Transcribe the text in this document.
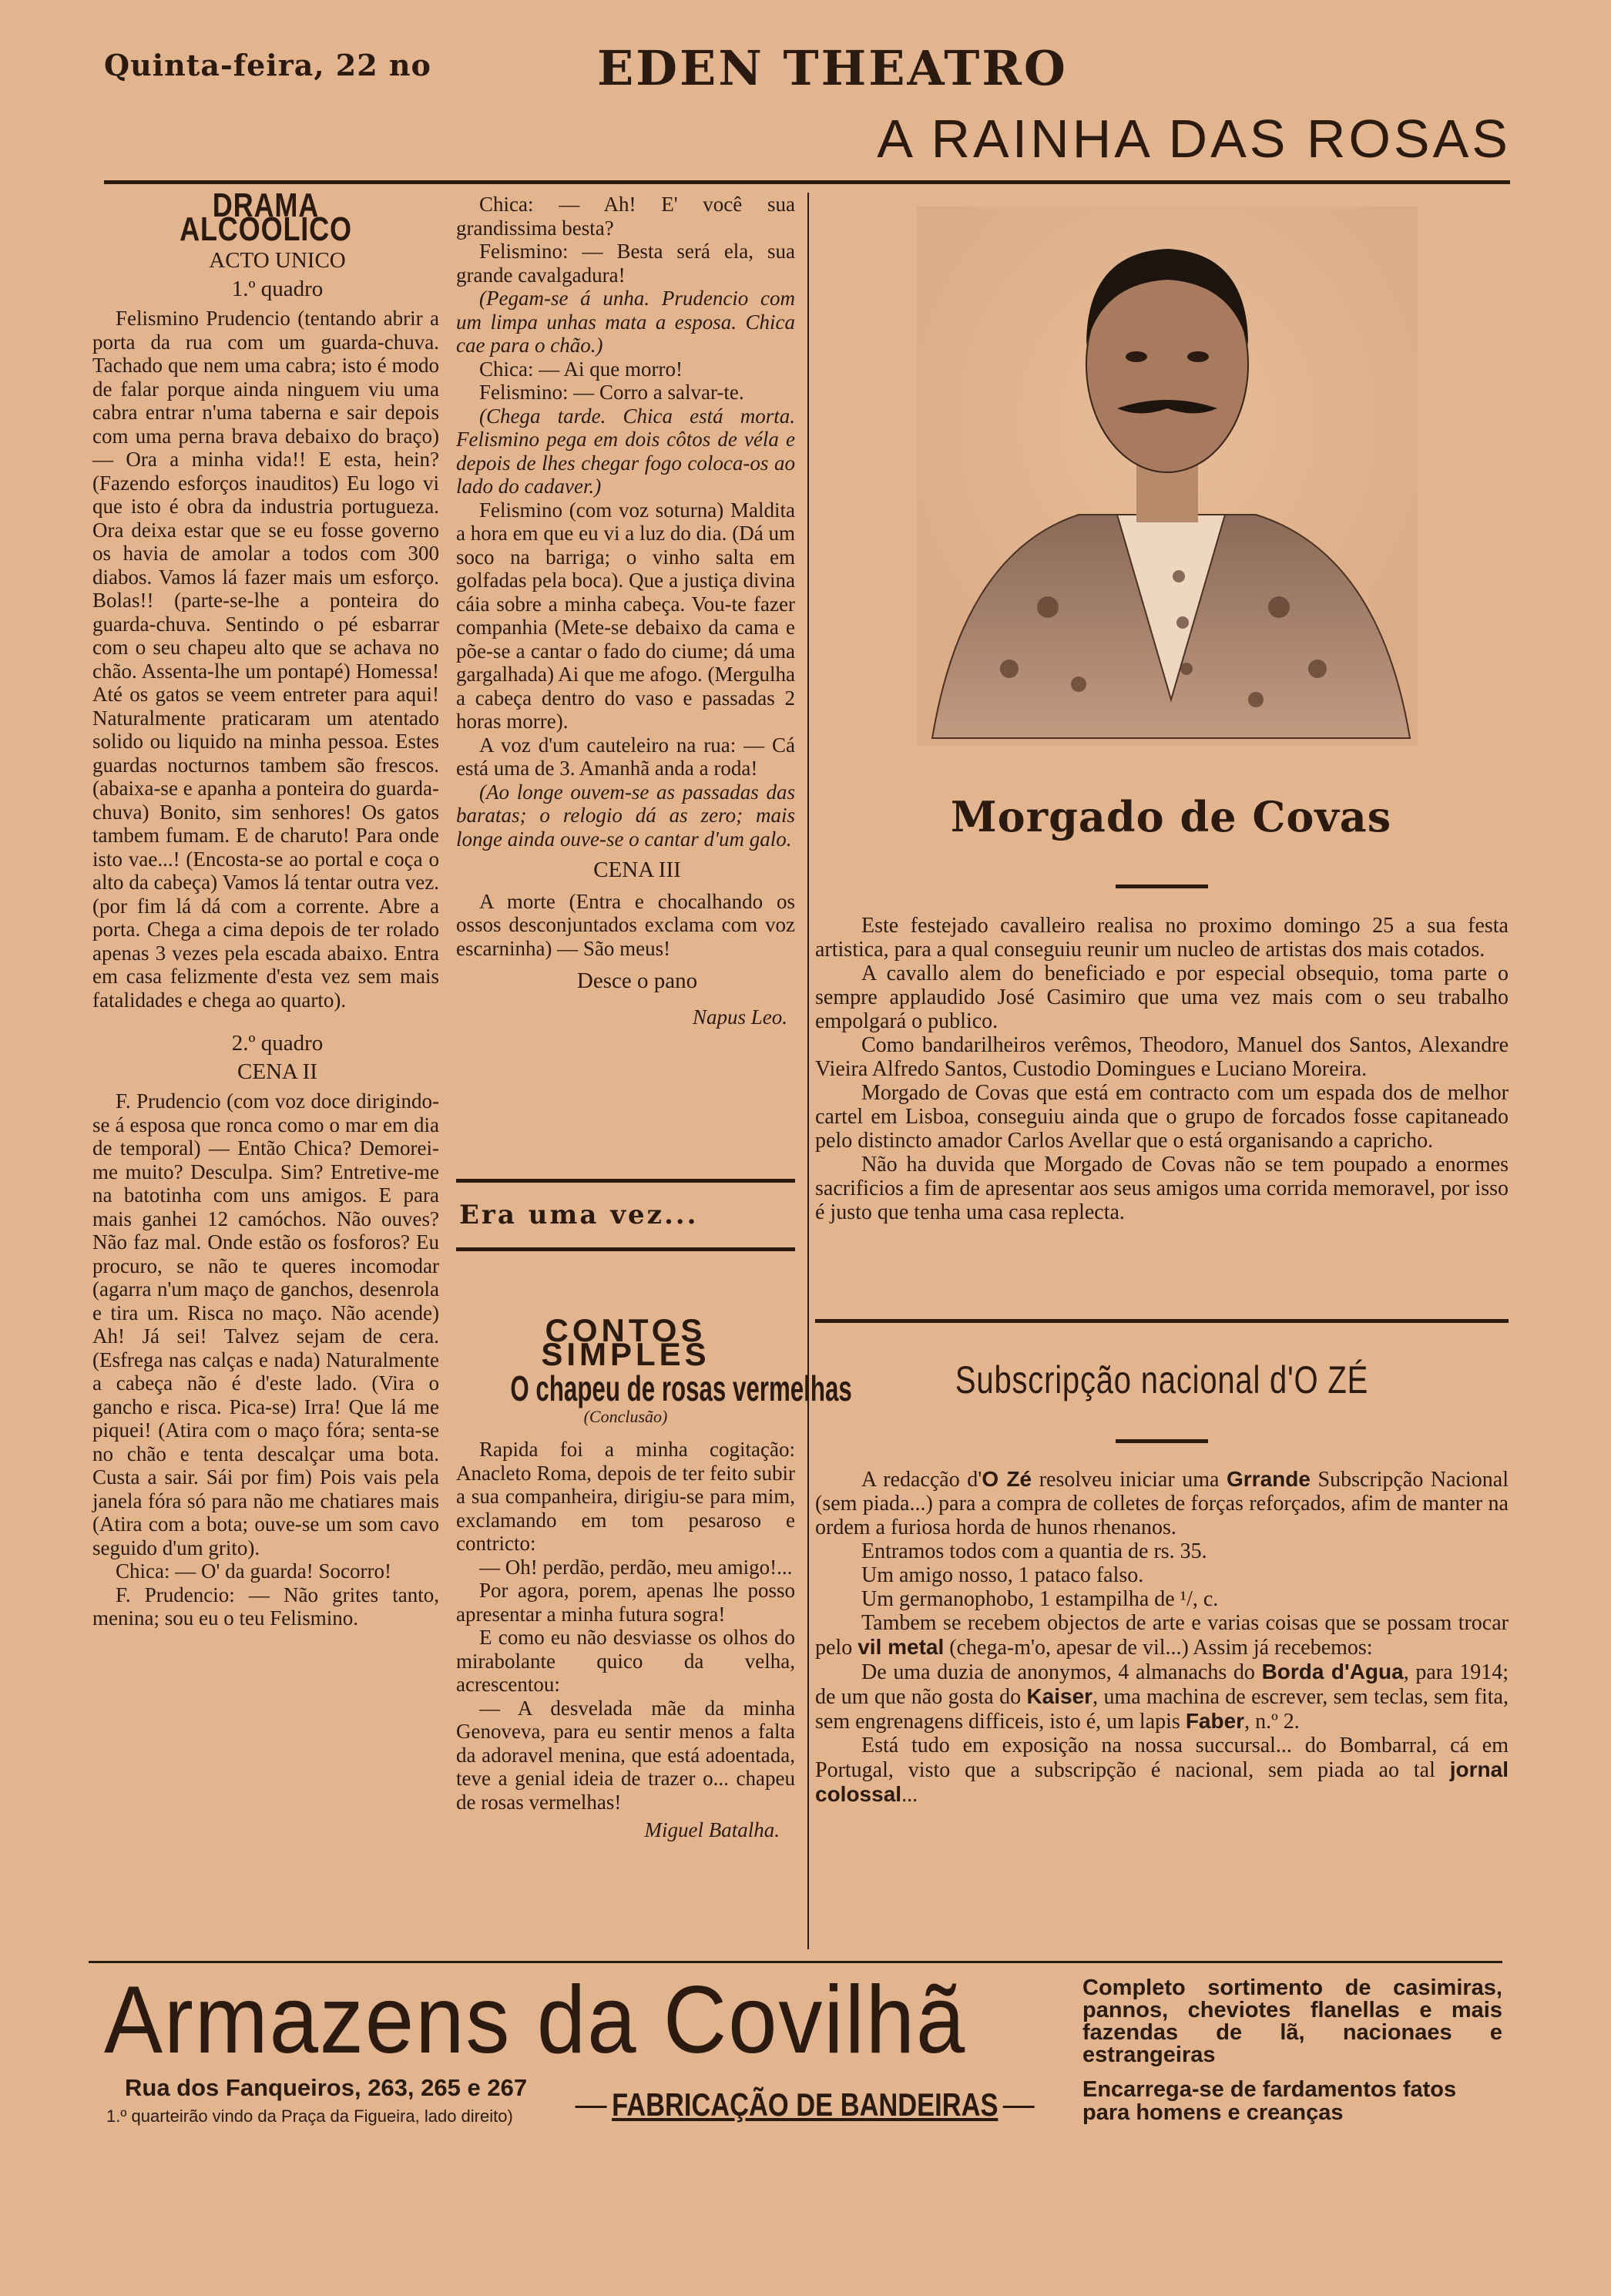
Quinta-feira, 22 no	EDEN THEATRO
A RAINHA DAS ROSAS
DRAMA ALCOOLICO

ACTO UNICO

1.º quadro

Felismino Prudencio (tentando abrir a porta da rua com um guarda-chuva. Tachado que nem uma cabra; isto é modo de falar porque ainda ninguem viu uma cabra entrar n'uma taberna e sair depois com uma perna brava debaixo do braço) — Ora a minha vida!! E esta, hein? (Fazendo esforços inauditos) Eu logo vi que isto é obra da industria portugueza. Ora deixa estar que se eu fosse governo os havia de amolar a todos com 300 diabos. Vamos lá fazer mais um esforço. Bolas!! (parte-se-lhe a ponteira do guarda-chuva. Sentindo o pé esbarrar com o seu chapeu alto que se achava no chão. Assenta-lhe um pontapé) Homessa! Até os gatos se veem entreter para aqui! Naturalmente praticaram um atentado solido ou liquido na minha pessoa. Estes guardas nocturnos tambem são frescos. (abaixa-se e apanha a ponteira do guarda-chuva) Bonito, sim senhores! Os gatos tambem fumam. E de charuto! Para onde isto vae...! (Encosta-se ao portal e coça o alto da cabeça) Vamos lá tentar outra vez. (por fim lá dá com a corrente. Abre a porta. Chega a cima depois de ter rolado apenas 3 vezes pela escada abaixo. Entra em casa felizmente d'esta vez sem mais fatalidades e chega ao quarto).

2.º quadro

CENA II

F. Prudencio (com voz doce dirigindo-se á esposa que ronca como o mar em dia de temporal) — Então Chica? Demorei-me muito? Desculpa. Sim? Entretive-me na batotinha com uns amigos. E para mais ganhei 12 camóchos. Não ouves? Não faz mal. Onde estão os fosforos? Eu procuro, se não te queres incomodar (agarra n'um maço de ganchos, desenrola e tira um. Risca no maço. Não acende) Ah! Já sei! Talvez sejam de cera. (Esfrega nas calças e nada) Naturalmente a cabeça não é d'este lado. (Vira o gancho e risca. Pica-se) Irra! Que lá me piquei! (Atira com o maço fóra; senta-se no chão e tenta descalçar uma bota. Custa a sair. Sái por fim) Pois vais pela janela fóra só para não me chatiares mais (Atira com a bota; ouve-se um som cavo seguido d'um grito).

Chica: — O' da guarda! Socorro!

F. Prudencio: — Não grites tanto, menina; sou eu o teu Felismino.

Chica: — Ah! E' você sua grandissima besta?

Felismino: — Besta será ela, sua grande cavalgadura!

(Pegam-se á unha. Prudencio com um limpa unhas mata a esposa. Chica cae para o chão.)

Chica: — Ai que morro!

Felismino: — Corro a salvar-te.

(Chega tarde. Chica está morta. Felismino pega em dois côtos de véla e depois de lhes chegar fogo coloca-os ao lado do cadaver.)

Felismino (com voz soturna) Maldita a hora em que eu vi a luz do dia. (Dá um soco na barriga; o vinho salta em golfadas pela boca). Que a justiça divina cáia sobre a minha cabeça. Vou-te fazer companhia (Mete-se debaixo da cama e põe-se a cantar o fado do ciume; dá uma gargalhada) Ai que me afogo. (Mergulha a cabeça dentro do vaso e passadas 2 horas morre).

A voz d'um cauteleiro na rua: — Cá está uma de 3. Amanhã anda a roda!

(Ao longe ouvem-se as passadas das baratas; o relogio dá as zero; mais longe ainda ouve-se o cantar d'um galo.

CENA III

A morte (Entra e chocalhando os ossos desconjuntados exclama com voz escarninha) — São meus!

Desce o pano

Napus Leo.

Era uma vez...
CONTOS SIMPLES
O chapeu de rosas vermelhas
(Conclusão)

Rapida foi a minha cogitação: Anacleto Roma, depois de ter feito subir a sua companheira, dirigiu-se para mim, exclamando em tom pesaroso e contricto:

— Oh! perdão, perdão, meu amigo!...

Por agora, porem, apenas lhe posso apresentar a minha futura sogra!

E como eu não desviasse os olhos do mirabolante quico da velha, acrescentou:

— A desvelada mãe da minha Genoveva, para eu sentir menos a falta da adoravel menina, que está adoentada, teve a genial ideia de trazer o... chapeu de rosas vermelhas!

Miguel Batalha.

Morgado de Covas

Este festejado cavalleiro realisa no proximo domingo 25 a sua festa artistica, para a qual conseguiu reunir um nucleo de artistas dos mais cotados.

A cavallo alem do beneficiado e por especial obsequio, toma parte o sempre applaudido José Casimiro que uma vez mais com o seu trabalho empolgará o publico.

Como bandarilheiros verêmos, Theodoro, Manuel dos Santos, Alexandre Vieira Alfredo Santos, Custodio Domingues e Luciano Moreira.

Morgado de Covas que está em contracto com um espada dos de melhor cartel em Lisboa, conseguiu ainda que o grupo de forcados fosse capitaneado pelo distincto amador Carlos Avellar que o está organisando a capricho.

Não ha duvida que Morgado de Covas não se tem poupado a enormes sacrificios a fim de apresentar aos seus amigos uma corrida memoravel, por isso é justo que tenha uma casa replecta.

Subscripção nacional d'O ZÉ

A redacção d'O Zé resolveu iniciar uma Grrande Subscripção Nacional (sem piada...) para a compra de colletes de forças reforçados, afim de manter na ordem a furiosa horda de hunos rhenanos.

Entramos todos com a quantia de rs. 35.

Um amigo nosso, 1 pataco falso.

Um germanophobo, 1 estampilha de ¹/, c.

Tambem se recebem objectos de arte e varias coisas que se possam trocar pelo vil metal (chega-m'o, apesar de vil...) Assim já recebemos:

De uma duzia de anonymos, 4 almanachs do Borda d'Agua, para 1914; de um que não gosta do Kaiser, uma machina de escrever, sem teclas, sem fita, sem engrenagens difficeis, isto é, um lapis Faber, n.º 2.

Está tudo em exposição na nossa succursal... do Bombarral, cá em Portugal, visto que a subscripção é nacional, sem piada ao tal jornal colossal...

Armazens da Covilhã	Completo sortimento de casimiras, pannos, cheviotes flanellas e mais fazendas de lã, nacionaes e estrangeiras
Rua dos Fanqueiros, 263, 265 e 267
1.º quarteirão vindo da Praça da Figueira, lado direito)	FABRICAÇÃO DE BANDEIRAS	Encarrega-se de fardamentos fatos para homens e creanças
